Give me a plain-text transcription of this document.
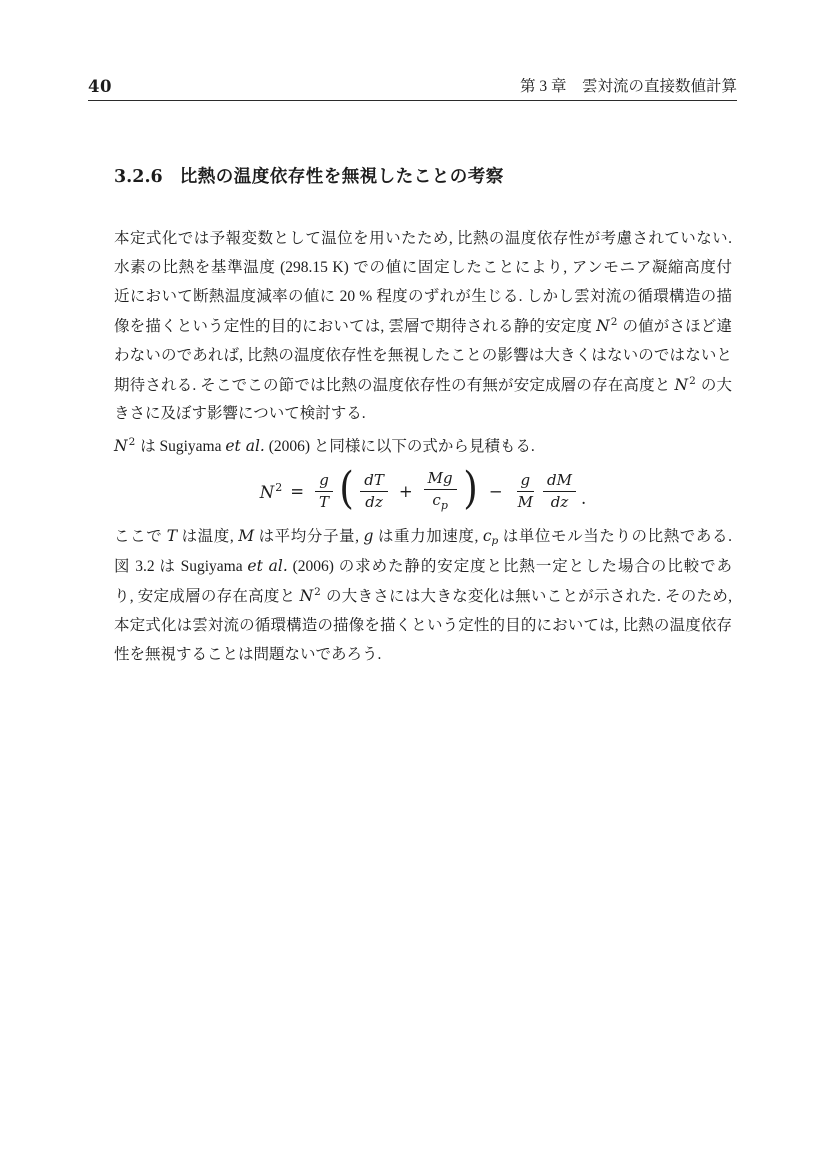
40	第 3 章　雲対流の直接数値計算
3.2.6 比熱の温度依存性を無視したことの考察
本定式化では予報変数として温位を用いたため, 比熱の温度依存性が考慮されていない.
水素の比熱を基準温度 (298.15 K) での値に固定したことにより, アンモニア凝縮高度付
近において断熱温度減率の値に 20 % 程度のずれが生じる. しかし雲対流の循環構造の描
像を描くという定性的目的においては, 雲層で期待される静的安定度 $N^2$ の値がさほど違
わないのであれば, 比熱の温度依存性を無視したことの影響は大きくはないのではないと
期待される. そこでこの節では比熱の温度依存性の有無が安定成層の存在高度と $N^2$ の大
きさに及ぼす影響について検討する.
$N^2$ は Sugiyama et al. (2006) と同様に以下の式から見積もる.
$N^2 = \frac{g}{T}$ ( $\frac{dT}{dz} + \frac{Mg}{c_p}$ ) − $\frac{g}{M} \frac{dM}{dz}$ .
ここで T は温度, M は平均分子量, g は重力加速度, cp は単位モル当たりの比熱である.
図 3.2 は Sugiyama et al. (2006) の求めた静的安定度と比熱一定とした場合の比較であ
り, 安定成層の存在高度と $N^2$ の大きさには大きな変化は無いことが示された. そのため,
本定式化は雲対流の循環構造の描像を描くという定性的目的においては, 比熱の温度依存
性を無視することは問題ないであろう.
